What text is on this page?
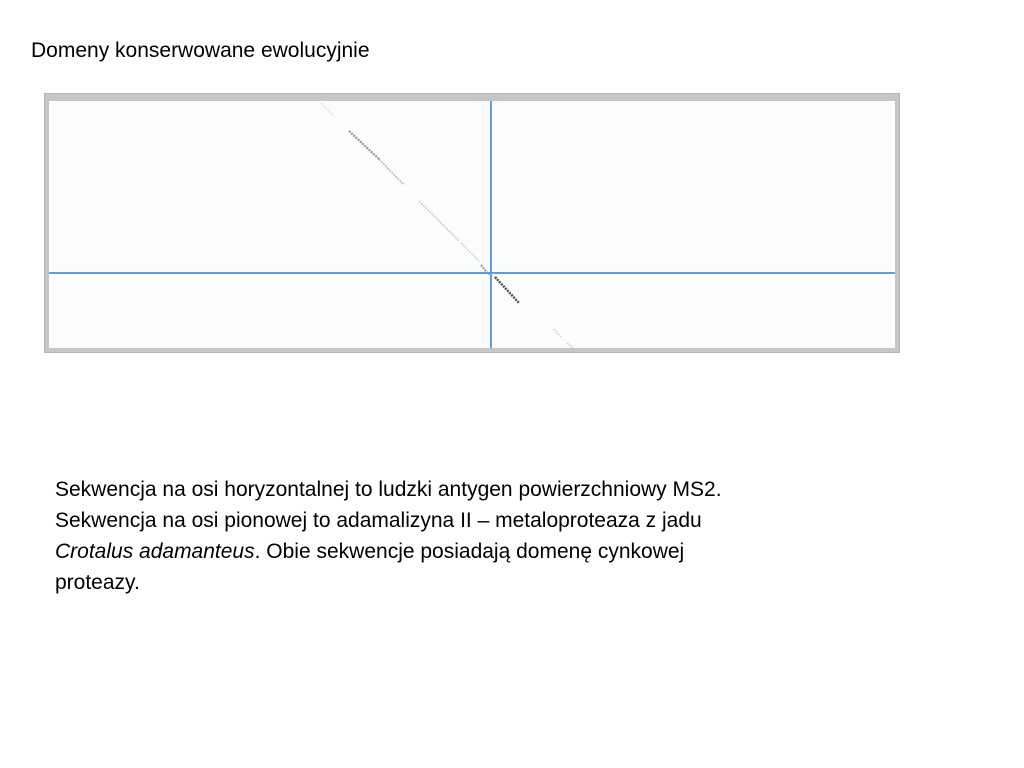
Domeny konserwowane ewolucyjnie
Sekwencja na osi horyzontalnej to ludzki antygen powierzchniowy MS2.
Sekwencja na osi pionowej to adamalizyna II – metaloproteaza z jadu
Crotalus adamanteus. Obie sekwencje posiadają domenę cynkowej
proteazy.
